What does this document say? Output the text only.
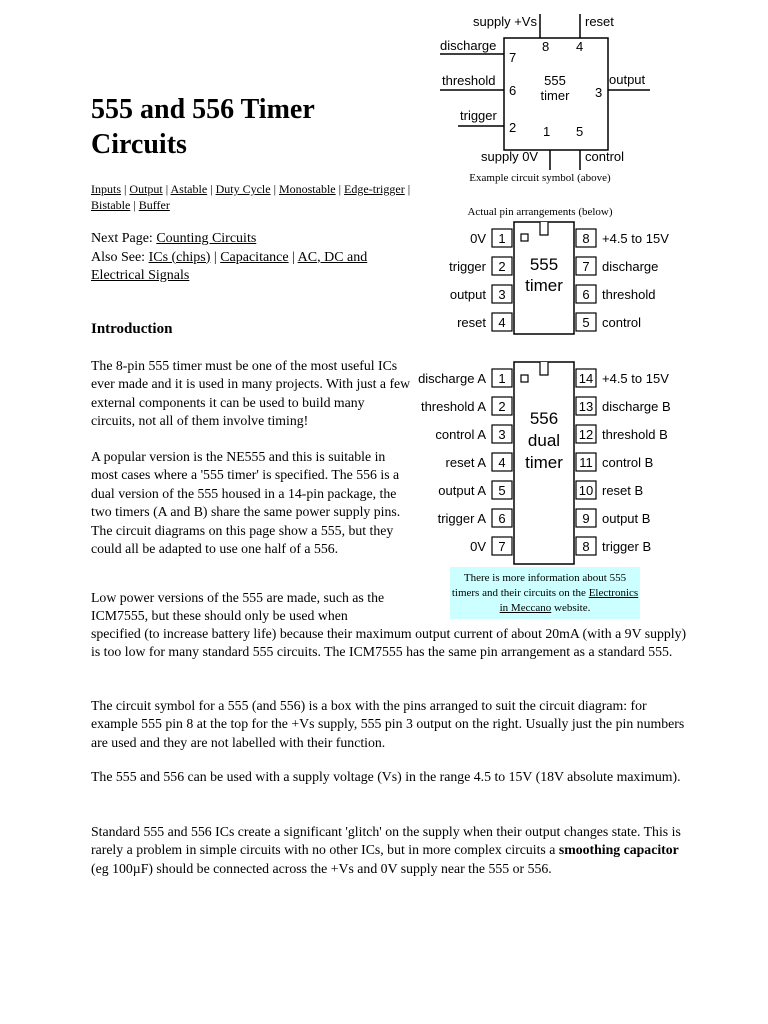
555 and 556 Timer Circuits
Inputs | Output | Astable | Duty Cycle | Monostable | Edge-trigger | Bistable | Buffer
Next Page: Counting Circuits
Also See: ICs (chips) | Capacitance | AC, DC and Electrical Signals
Introduction
The 8-pin 555 timer must be one of the most useful ICs ever made and it is used in many projects. With just a few external components it can be used to build many circuits, not all of them involve timing!
A popular version is the NE555 and this is suitable in most cases where a '555 timer' is specified. The 556 is a dual version of the 555 housed in a 14-pin package, the two timers (A and B) share the same power supply pins. The circuit diagrams on this page show a 555, but they could all be adapted to use one half of a 556.
Low power versions of the 555 are made, such as the ICM7555, but these should only be used when
specified (to increase battery life) because their maximum output current of about 20mA (with a 9V supply) is too low for many standard 555 circuits. The ICM7555 has the same pin arrangement as a standard 555.
The circuit symbol for a 555 (and 556) is a box with the pins arranged to suit the circuit diagram: for example 555 pin 8 at the top for the +Vs supply, 555 pin 3 output on the right. Usually just the pin numbers are used and they are not labelled with their function.
The 555 and 556 can be used with a supply voltage (Vs) in the range 4.5 to 15V (18V absolute maximum).
Standard 555 and 556 ICs create a significant 'glitch' on the supply when their output changes state. This is rarely a problem in simple circuits with no other ICs, but in more complex circuits a smoothing capacitor (eg 100µF) should be connected across the +Vs and 0V supply near the 555 or 556.
supply +Vs	reset
discharge
threshold
trigger
output
supply 0V	control
8 4
7
6
2
3
1 5
555
timer
Example circuit symbol (above)
Actual pin arrangements (below)
555
timer
1
0V
2
trigger
3
output
4
reset
8 +4.5 to 15V
7 discharge
6 threshold
5 control
556
dual
timer
1
discharge A
2
threshold A
3
control A
4
reset A
5
output A
6
trigger A
7
0V
14 +4.5 to 15V
13 discharge B
12 threshold B
11 control B
10 reset B
9 output B
8 trigger B
There is more information about 555 timers and their circuits on the Electronics in Meccano website.
